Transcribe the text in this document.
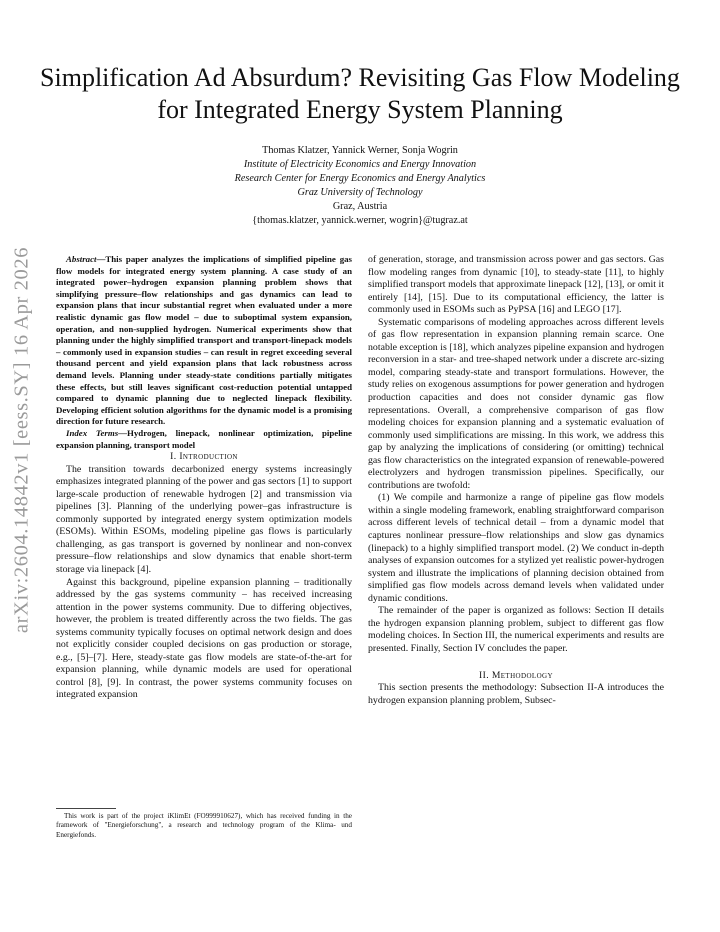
Simplification Ad Absurdum? Revisiting Gas Flow Modeling for Integrated Energy System Planning
Thomas Klatzer, Yannick Werner, Sonja Wogrin
Institute of Electricity Economics and Energy Innovation
Research Center for Energy Economics and Energy Analytics
Graz University of Technology
Graz, Austria
{thomas.klatzer, yannick.werner, wogrin}@tugraz.at
arXiv:2604.14842v1 [eess.SY] 16 Apr 2026	Abstract—This paper analyzes the implications of simplified pipeline gas flow models for integrated energy system planning. A case study of an integrated power–hydrogen expansion planning problem shows that simplifying pressure–flow relationships and gas dynamics can lead to expansion plans that incur substantial regret when evaluated under a more realistic dynamic gas flow model – due to suboptimal system expansion, operation, and non-supplied hydrogen. Numerical experiments show that planning under the highly simplified transport and transport-linepack models – commonly used in expansion studies – can result in regret exceeding several thousand percent and yield expansion plans that lack robustness across demand levels. Planning under steady-state conditions partially mitigates these effects, but still leaves significant cost-reduction potential untapped compared to dynamic planning due to neglected linepack flexibility. Developing efficient solution algorithms for the dynamic model is a promising direction for future research.

Index Terms—Hydrogen, linepack, nonlinear optimization, pipeline expansion planning, transport model

I. Introduction

The transition towards decarbonized energy systems increasingly emphasizes integrated planning of the power and gas sectors [1] to support large-scale production of renewable hydrogen [2] and transmission via pipelines [3]. Planning of the underlying power–gas infrastructure is commonly supported by integrated energy system optimization models (ESOMs). Within ESOMs, modeling pipeline gas flows is particularly challenging, as gas transport is governed by nonlinear and non-convex pressure–flow relationships and slow dynamics that enable short-term storage via linepack [4].

Against this background, pipeline expansion planning – traditionally addressed by the gas systems community – has received increasing attention in the power systems community. Due to differing objectives, however, the problem is treated differently across the two fields. The gas systems community typically focuses on optimal network design and does not explicitly consider coupled decisions on gas production or storage, e.g., [5]–[7]. Here, steady-state gas flow models are state-of-the-art for expansion planning, while dynamic models are used for operational control [8], [9]. In contrast, the power systems community focuses on integrated expansion

This work is part of the project iKlimEt (FO999910627), which has received funding in the framework of "Energieforschung", a research and technology program of the Klima- und Energiefonds.

of generation, storage, and transmission across power and gas sectors. Gas flow modeling ranges from dynamic [10], to steady-state [11], to highly simplified transport models that approximate linepack [12], [13], or omit it entirely [14], [15]. Due to its computational efficiency, the latter is commonly used in ESOMs such as PyPSA [16] and LEGO [17].

Systematic comparisons of modeling approaches across different levels of gas flow representation in expansion planning remain scarce. One notable exception is [18], which analyzes pipeline expansion and hydrogen reconversion in a star- and tree-shaped network under a discrete arc-sizing model, comparing steady-state and transport formulations. However, the study relies on exogenous assumptions for power generation and hydrogen production capacities and does not consider dynamic gas flow representations. Overall, a comprehensive comparison of gas flow modeling choices for expansion planning and a systematic evaluation of commonly used simplifications are missing. In this work, we address this gap by analyzing the implications of considering (or omitting) technical gas flow characteristics on the integrated expansion of renewable-powered electrolyzers and hydrogen transmission pipelines. Specifically, our contributions are twofold:

(1) We compile and harmonize a range of pipeline gas flow models within a single modeling framework, enabling straightforward comparison across different levels of technical detail – from a dynamic model that captures nonlinear pressure–flow relationships and slow gas dynamics (linepack) to a highly simplified transport model. (2) We conduct in-depth analyses of expansion outcomes for a stylized yet realistic power-hydrogen system and illustrate the implications of planning decision obtained from simplified gas flow models across demand levels when validated under dynamic conditions.

The remainder of the paper is organized as follows: Section II details the hydrogen expansion planning problem, subject to different gas flow modeling choices. In Section III, the numerical experiments and results are presented. Finally, Section IV concludes the paper.

II. Methodology

This section presents the methodology: Subsection II-A introduces the hydrogen expansion planning problem, Subsec-
